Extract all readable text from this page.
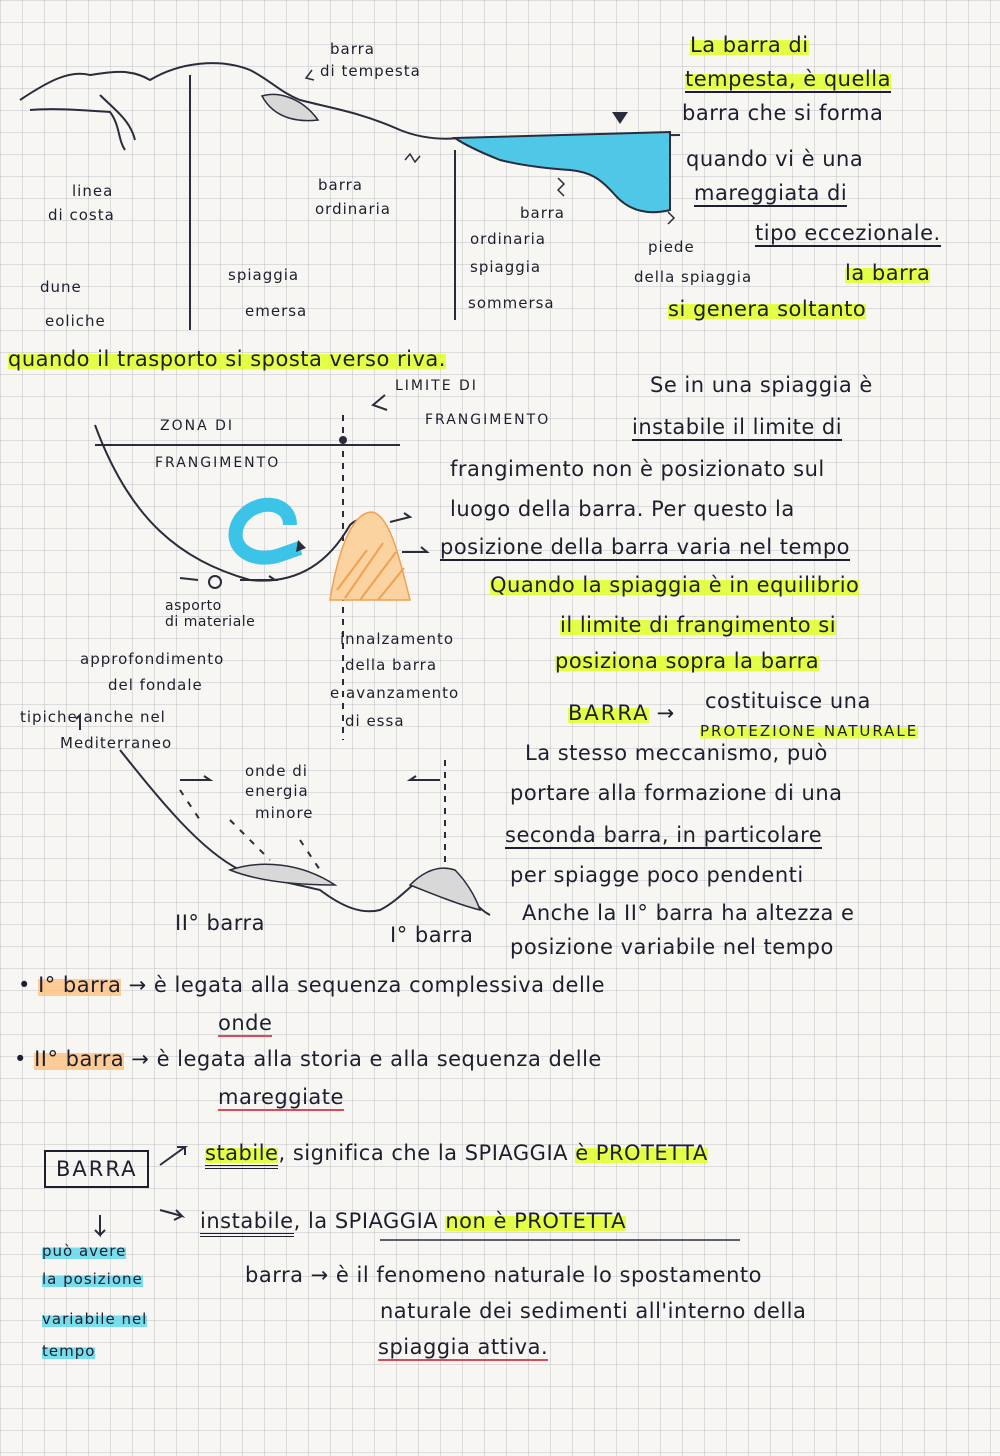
barra
di tempesta
linea
di costa
dune
eoliche
barra
ordinaria
spiaggia
emersa
barra
ordinaria
spiaggia
sommersa
piede
della spiaggia
La barra di
tempesta, è quella
barra che si forma
quando vi è una
mareggiata di
tipo eccezionale.
la barra
si genera soltanto
quando il trasporto si sposta verso riva.
ZONA DI
FRANGIMENTO
LIMITE DI
FRANGIMENTO
asporto
di materiale
approfondimento
del fondale
tipiche anche nel
Mediterraneo
innalzamento
della barra
e avanzamento
di essa
Se in una spiaggia è
instabile il limite di
frangimento non è posizionato sul
luogo della barra. Per questo la
posizione della barra varia nel tempo
Quando la spiaggia è in equilibrio
il limite di frangimento si
posiziona sopra la barra
BARRA → costituisce una
PROTEZIONE NATURALE
La stesso meccanismo, può
portare alla formazione di una
seconda barra, in particolare
per spiagge poco pendenti
Anche la II° barra ha altezza e
posizione variabile nel tempo
onde di
energia
minore
II° barra	I° barra
• I° barra → è legata alla sequenza complessiva delle
onde
• II° barra → è legata alla storia e alla sequenza delle
mareggiate
BARRA
stabile, significa che la SPIAGGIA è PROTETTA
instabile, la SPIAGGIA non è PROTETTA
può avere
la posizione
variabile nel
tempo
barra → è il fenomeno naturale lo spostamento
naturale dei sedimenti all'interno della
spiaggia attiva.
